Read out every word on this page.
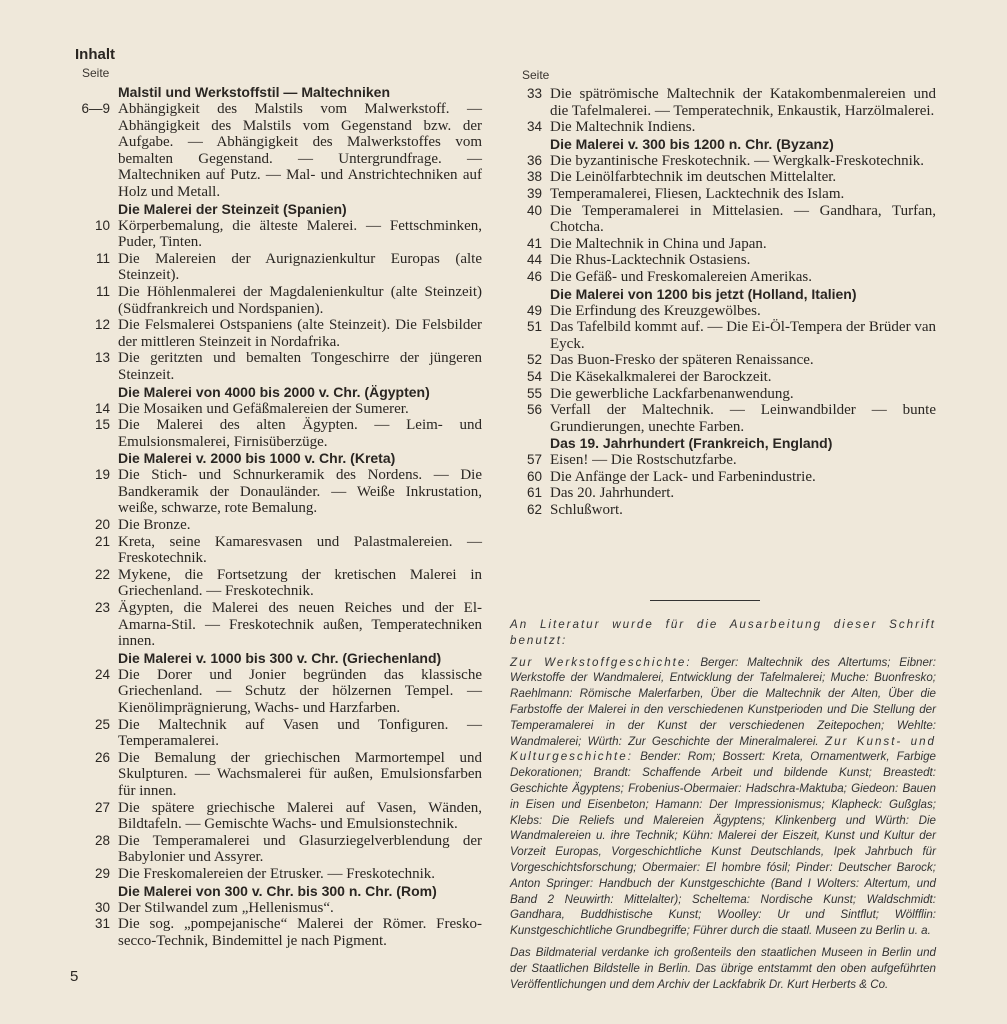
Inhalt
Seite	Seite
Malstil und Werkstoffstil — Maltechniken
6—9 Abhängigkeit des Malstils vom Malwerkstoff. — Abhängigkeit des Malstils vom Gegenstand bzw. der Aufgabe. — Abhängigkeit des Malwerkstoffes vom bemalten Gegenstand. — Untergrundfrage. — Maltechniken auf Putz. — Mal- und Anstrichtechniken auf Holz und Metall.
Die Malerei der Steinzeit (Spanien)
10 Körperbemalung, die älteste Malerei. — Fettschminken, Puder, Tinten.
11 Die Malereien der Aurignazienkultur Europas (alte Steinzeit).
11 Die Höhlenmalerei der Magdalenienkultur (alte Steinzeit) (Südfrankreich und Nordspanien).
12 Die Felsmalerei Ostspaniens (alte Steinzeit). Die Felsbilder der mittleren Steinzeit in Nordafrika.
13 Die geritzten und bemalten Tongeschirre der jüngeren Steinzeit.
Die Malerei von 4000 bis 2000 v. Chr. (Ägypten)
14 Die Mosaiken und Gefäßmalereien der Sumerer.
15 Die Malerei des alten Ägypten. — Leim- und Emulsionsmalerei, Firnisüberzüge.
Die Malerei v. 2000 bis 1000 v. Chr. (Kreta)
19 Die Stich- und Schnurkeramik des Nordens. — Die Bandkeramik der Donauländer. — Weiße Inkrustation, weiße, schwarze, rote Bemalung.
20 Die Bronze.
21 Kreta, seine Kamaresvasen und Palastmalereien. — Freskotechnik.
22 Mykene, die Fortsetzung der kretischen Malerei in Griechenland. — Freskotechnik.
23 Ägypten, die Malerei des neuen Reiches und der El-Amarna-Stil. — Freskotechnik außen, Temperatechniken innen.
Die Malerei v. 1000 bis 300 v. Chr. (Griechenland)
24 Die Dorer und Jonier begründen das klassische Griechenland. — Schutz der hölzernen Tempel. — Kienölimprägnierung, Wachs- und Harzfarben.
25 Die Maltechnik auf Vasen und Tonfiguren. — Temperamalerei.
26 Die Bemalung der griechischen Marmortempel und Skulpturen. — Wachsmalerei für außen, Emulsionsfarben für innen.
27 Die spätere griechische Malerei auf Vasen, Wänden, Bildtafeln. — Gemischte Wachs- und Emulsionstechnik.
28 Die Temperamalerei und Glasurziegelverblendung der Babylonier und Assyrer.
29 Die Freskomalereien der Etrusker. — Freskotechnik.
Die Malerei von 300 v. Chr. bis 300 n. Chr. (Rom)
30 Der Stilwandel zum „Hellenismus“.
31 Die sog. „pompejanische“ Malerei der Römer. Fresko-secco-Technik, Bindemittel je nach Pigment.
33 Die spätrömische Maltechnik der Katakombenmalereien und die Tafelmalerei. — Temperatechnik, Enkaustik, Harzölmalerei.
34 Die Maltechnik Indiens.
Die Malerei v. 300 bis 1200 n. Chr. (Byzanz)
36 Die byzantinische Freskotechnik. — Wergkalk-Freskotechnik.
38 Die Leinölfarbtechnik im deutschen Mittelalter.
39 Temperamalerei, Fliesen, Lacktechnik des Islam.
40 Die Temperamalerei in Mittelasien. — Gandhara, Turfan, Chotcha.
41 Die Maltechnik in China und Japan.
44 Die Rhus-Lacktechnik Ostasiens.
46 Die Gefäß- und Freskomalereien Amerikas.
Die Malerei von 1200 bis jetzt (Holland, Italien)
49 Die Erfindung des Kreuzgewölbes.
51 Das Tafelbild kommt auf. — Die Ei-Öl-Tempera der Brüder van Eyck.
52 Das Buon-Fresko der späteren Renaissance.
54 Die Käsekalkmalerei der Barockzeit.
55 Die gewerbliche Lackfarbenanwendung.
56 Verfall der Maltechnik. — Leinwandbilder — bunte Grundierungen, unechte Farben.
Das 19. Jahrhundert (Frankreich, England)
57 Eisen! — Die Rostschutzfarbe.
60 Die Anfänge der Lack- und Farbenindustrie.
61 Das 20. Jahrhundert.
62 Schlußwort.

An Literatur wurde für die Ausarbeitung dieser Schrift benutzt:

Zur Werkstoffgeschichte: Berger: Maltechnik des Altertums; Eibner: Werkstoffe der Wandmalerei, Entwicklung der Tafelmalerei; Muche: Buonfresko; Raehlmann: Römische Malerfarben, Über die Maltechnik der Alten, Über die Farbstoffe der Malerei in den verschiedenen Kunstperioden und Die Stellung der Temperamalerei in der Kunst der verschiedenen Zeitepochen; Wehlte: Wandmalerei; Würth: Zur Geschichte der Mineralmalerei. Zur Kunst- und Kulturgeschichte: Bender: Rom; Bossert: Kreta, Ornamentwerk, Farbige Dekorationen; Brandt: Schaffende Arbeit und bildende Kunst; Breastedt: Geschichte Ägyptens; Frobenius-Obermaier: Hadschra-Maktuba; Giedeon: Bauen in Eisen und Eisenbeton; Hamann: Der Impressionismus; Klapheck: Gußglas; Klebs: Die Reliefs und Malereien Ägyptens; Klinkenberg und Würth: Die Wandmalereien u. ihre Technik; Kühn: Malerei der Eiszeit, Kunst und Kultur der Vorzeit Europas, Vorgeschichtliche Kunst Deutschlands, Ipek Jahrbuch für Vorgeschichtsforschung; Obermaier: El hombre fósil; Pinder: Deutscher Barock; Anton Springer: Handbuch der Kunstgeschichte (Band I Wolters: Altertum, und Band 2 Neuwirth: Mittelalter); Scheltema: Nordische Kunst; Waldschmidt: Gandhara, Buddhistische Kunst; Woolley: Ur und Sintflut; Wölfflin: Kunstgeschichtliche Grundbegriffe; Führer durch die staatl. Museen zu Berlin u. a.

Das Bildmaterial verdanke ich großenteils den staatlichen Museen in Berlin und der Staatlichen Bildstelle in Berlin. Das übrige entstammt den oben aufgeführten Veröffentlichungen und dem Archiv der Lackfabrik Dr. Kurt Herberts & Co.

5
